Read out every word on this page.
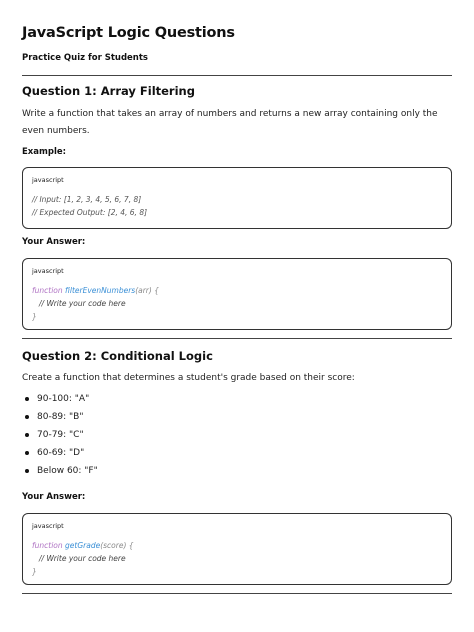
JavaScript Logic Questions
Practice Quiz for Students
Question 1: Array Filtering
Write a function that takes an array of numbers and returns a new array containing only the even numbers.
Example:
javascript
// Input: [1, 2, 3, 4, 5, 6, 7, 8]
// Expected Output: [2, 4, 6, 8]
Your Answer:
javascript
function filterEvenNumbers(arr) {
// Write your code here
}
Question 2: Conditional Logic
Create a function that determines a student's grade based on their score:
90-100: "A"
80-89: "B"
70-79: "C"
60-69: "D"
Below 60: "F"
Your Answer:
javascript
function getGrade(score) {
// Write your code here
}
